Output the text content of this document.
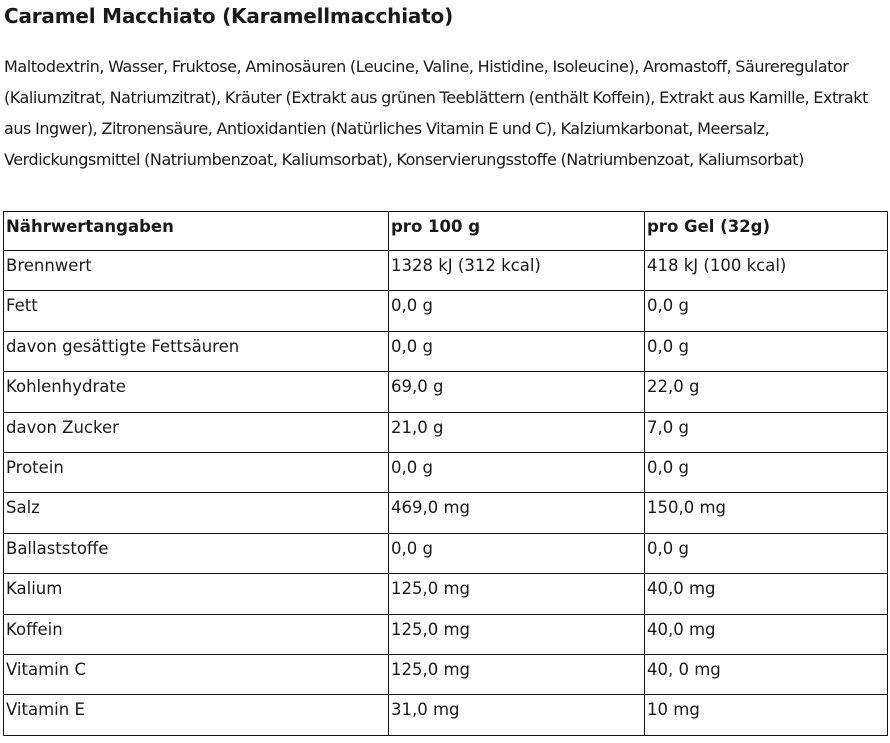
Caramel Macchiato (Karamellmacchiato)
Maltodextrin, Wasser, Fruktose, Aminosäuren (Leucine, Valine, Histidine, Isoleucine), Aromastoff, Säureregulator (Kaliumzitrat, Natriumzitrat), Kräuter (Extrakt aus grünen Teeblättern (enthält Koffein), Extrakt aus Kamille, Extrakt aus Ingwer), Zitronensäure, Antioxidantien (Natürliches Vitamin E und C), Kalziumkarbonat, Meersalz, Verdickungsmittel (Natriumbenzoat, Kaliumsorbat), Konservierungsstoffe (Natriumbenzoat, Kaliumsorbat)
Nährwertangaben	pro 100 g	pro Gel (32g)
Brennwert	1328 kJ (312 kcal)	418 kJ (100 kcal)
Fett	0,0 g	0,0 g
davon gesättigte Fettsäuren	0,0 g	0,0 g
Kohlenhydrate	69,0 g	22,0 g
davon Zucker	21,0 g	7,0 g
Protein	0,0 g	0,0 g
Salz	469,0 mg	150,0 mg
Ballaststoffe	0,0 g	0,0 g
Kalium	125,0 mg	40,0 mg
Koffein	125,0 mg	40,0 mg
Vitamin C	125,0 mg	40, 0 mg
Vitamin E	31,0 mg	10 mg
